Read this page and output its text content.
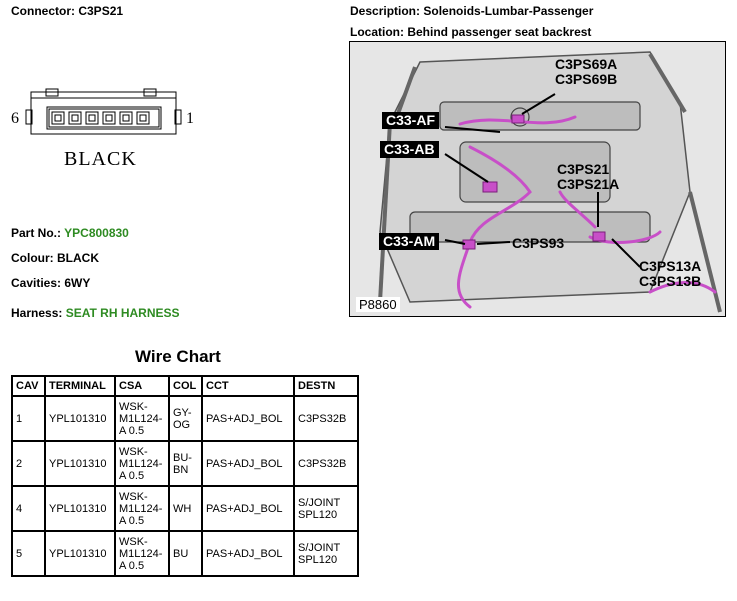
Connector: C3PS21	Description: Solenoids-Lumbar-Passenger
Location: Behind passenger seat backrest
6	1
BLACK
Part No.: YPC800830
Colour: BLACK
Cavities: 6WY
Harness: SEAT RH HARNESS
C3PS69A
C3PS69B
C33-AF
C33-AB
C3PS21
C3PS21A
C33-AM	C3PS93
C3PS13A
C3PS13B
P8860
Wire Chart
CAV	TERMINAL	CSA	COL	CCT	DESTN
1	YPL101310	WSK-
M1L124-
A 0.5	GY-
OG	PAS+ADJ_BOL	C3PS32B
2	YPL101310	WSK-
M1L124-
A 0.5	BU-
BN	PAS+ADJ_BOL	C3PS32B
4	YPL101310	WSK-
M1L124-
A 0.5	WH	PAS+ADJ_BOL	S/JOINT
SPL120
5	YPL101310	WSK-
M1L124-
A 0.5	BU	PAS+ADJ_BOL	S/JOINT
SPL120
